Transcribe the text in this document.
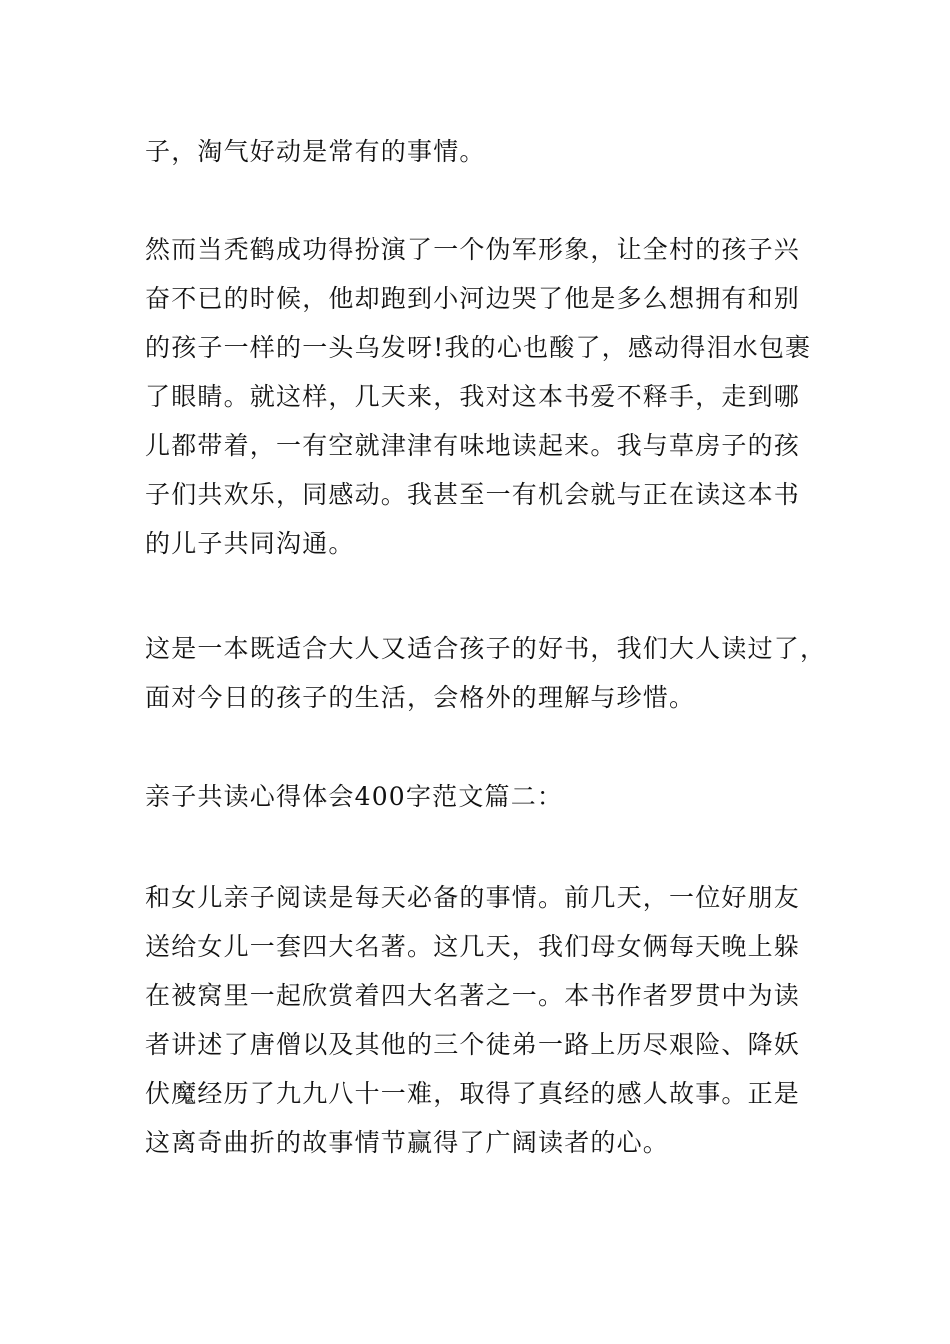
子，淘气好动是常有的事情。

然而当秃鹤成功得扮演了一个伪军形象，让全村的孩子兴
奋不已的时候，他却跑到小河边哭了他是多么想拥有和别
的孩子一样的一头乌发呀!我的心也酸了，感动得泪水包裹
了眼睛。就这样，几天来，我对这本书爱不释手，走到哪
儿都带着，一有空就津津有味地读起来。我与草房子的孩
子们共欢乐，同感动。我甚至一有机会就与正在读这本书
的儿子共同沟通。

这是一本既适合大人又适合孩子的好书，我们大人读过了，
面对今日的孩子的生活，会格外的理解与珍惜。

亲子共读心得体会400字范文篇二：

和女儿亲子阅读是每天必备的事情。前几天，一位好朋友
送给女儿一套四大名著。这几天，我们母女俩每天晚上躲
在被窝里一起欣赏着四大名著之一。本书作者罗贯中为读
者讲述了唐僧以及其他的三个徒弟一路上历尽艰险、降妖
伏魔经历了九九八十一难，取得了真经的感人故事。正是
这离奇曲折的故事情节赢得了广阔读者的心。
